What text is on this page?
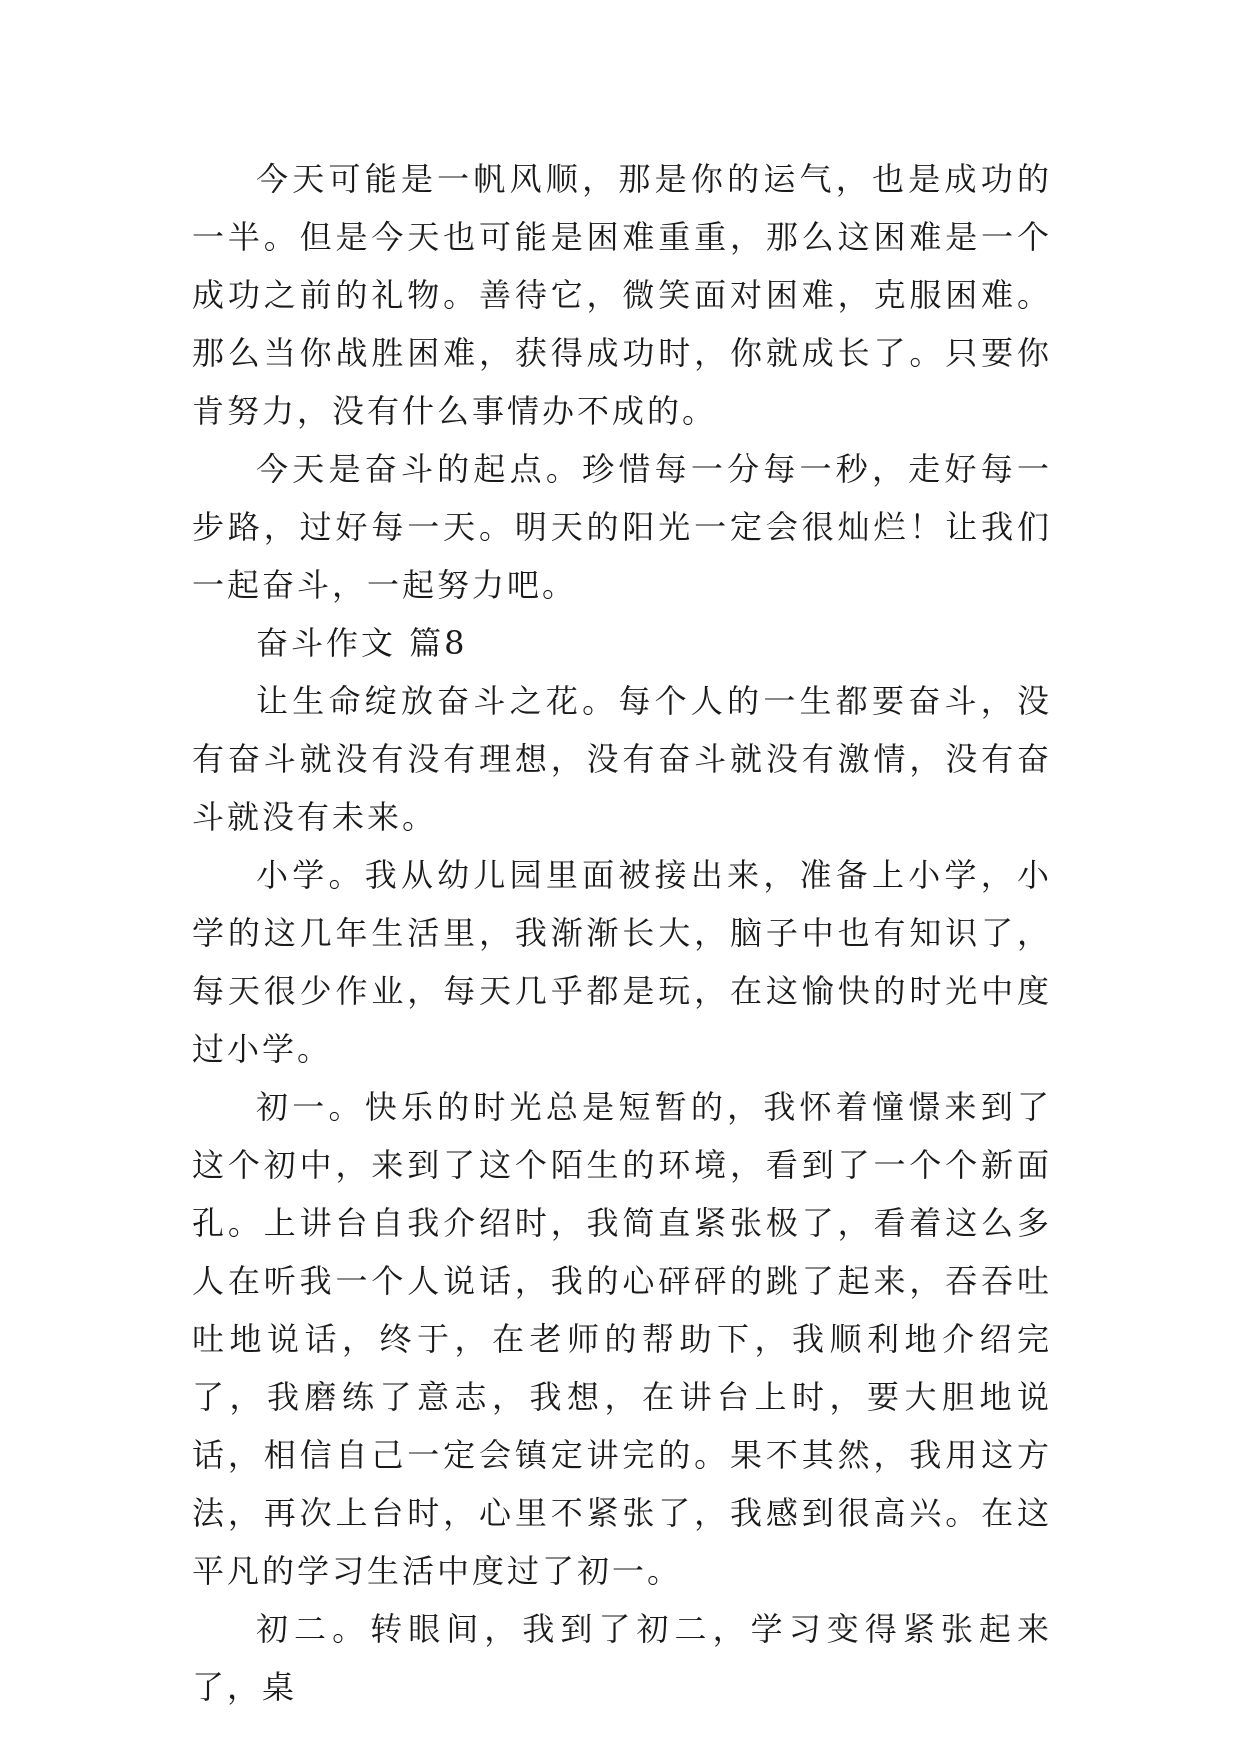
今天可能是一帆风顺，那是你的运气，也是成功的一半。但是今天也可能是困难重重，那么这困难是一个成功之前的礼物。善待它，微笑面对困难，克服困难。那么当你战胜困难，获得成功时，你就成长了。只要你肯努力，没有什么事情办不成的。

今天是奋斗的起点。珍惜每一分每一秒，走好每一步路，过好每一天。明天的阳光一定会很灿烂！让我们一起奋斗，一起努力吧。

奋斗作文 篇8

让生命绽放奋斗之花。每个人的一生都要奋斗，没有奋斗就没有没有理想，没有奋斗就没有激情，没有奋斗就没有未来。

小学。我从幼儿园里面被接出来，准备上小学，小学的这几年生活里，我渐渐长大，脑子中也有知识了，每天很少作业，每天几乎都是玩，在这愉快的时光中度过小学。

初一。快乐的时光总是短暂的，我怀着憧憬来到了这个初中，来到了这个陌生的环境，看到了一个个新面孔。上讲台自我介绍时，我简直紧张极了，看着这么多人在听我一个人说话，我的心砰砰的跳了起来，吞吞吐吐地说话，终于，在老师的帮助下，我顺利地介绍完了，我磨练了意志，我想，在讲台上时，要大胆地说话，相信自己一定会镇定讲完的。果不其然，我用这方法，再次上台时，心里不紧张了，我感到很高兴。在这平凡的学习生活中度过了初一。

初二。转眼间，我到了初二，学习变得紧张起来了，桌
